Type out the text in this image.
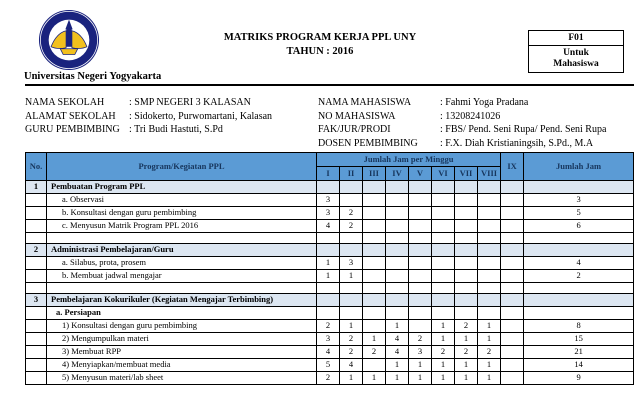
Universitas Negeri Yogyakarta
MATRIKS PROGRAM KERJA PPL UNY
TAHUN : 2016
F01
Untuk Mahasiswa
NAMA SEKOLAH	: SMP NEGERI 3 KALASAN
ALAMAT SEKOLAH	: Sidokerto, Purwomartani, Kalasan
GURU PEMBIMBING : Tri Budi Hastuti, S.Pd
NAMA MAHASISWA	: Fahmi Yoga Pradana
NO MAHASISWA	: 13208241026
FAK/JUR/PRODI	: FBS/ Pend. Seni Rupa/ Pend. Seni Rupa
DOSEN PEMBIMBING	: F.X. Diah Kristianingsih, S.Pd., M.A
No.	Program/Kegiatan PPL	Jumlah Jam per Minggu								IX	Jumlah Jam
		I	II	III	IV	V	VI	VII	VIII		
1	Pembuatan Program PPL										
	a. Observasi	3									3
	b. Konsultasi dengan guru pembimbing	3	2								5
	c. Menyusun Matrik Program PPL 2016	4	2								6

2	Administrasi Pembelajaran/Guru										
	a. Silabus, prota, prosem	1	3								4
	b. Membuat jadwal mengajar	1	1								2

3	Pembelajaran Kokurikuler (Kegiatan Mengajar Terbimbing)										
	a. Persiapan										
	1) Konsultasi dengan guru pembimbing	2	1		1		1	2	1		8
	2) Mengumpulkan materi	3	2	1	4	2	1	1	1		15
	3) Membuat RPP	4	2	2	4	3	2	2	2		21
	4) Menyiapkan/membuat media	5	4		1	1	1	1	1		14
	5) Menyusun materi/lab sheet	2	1	1	1	1	1	1	1		9
